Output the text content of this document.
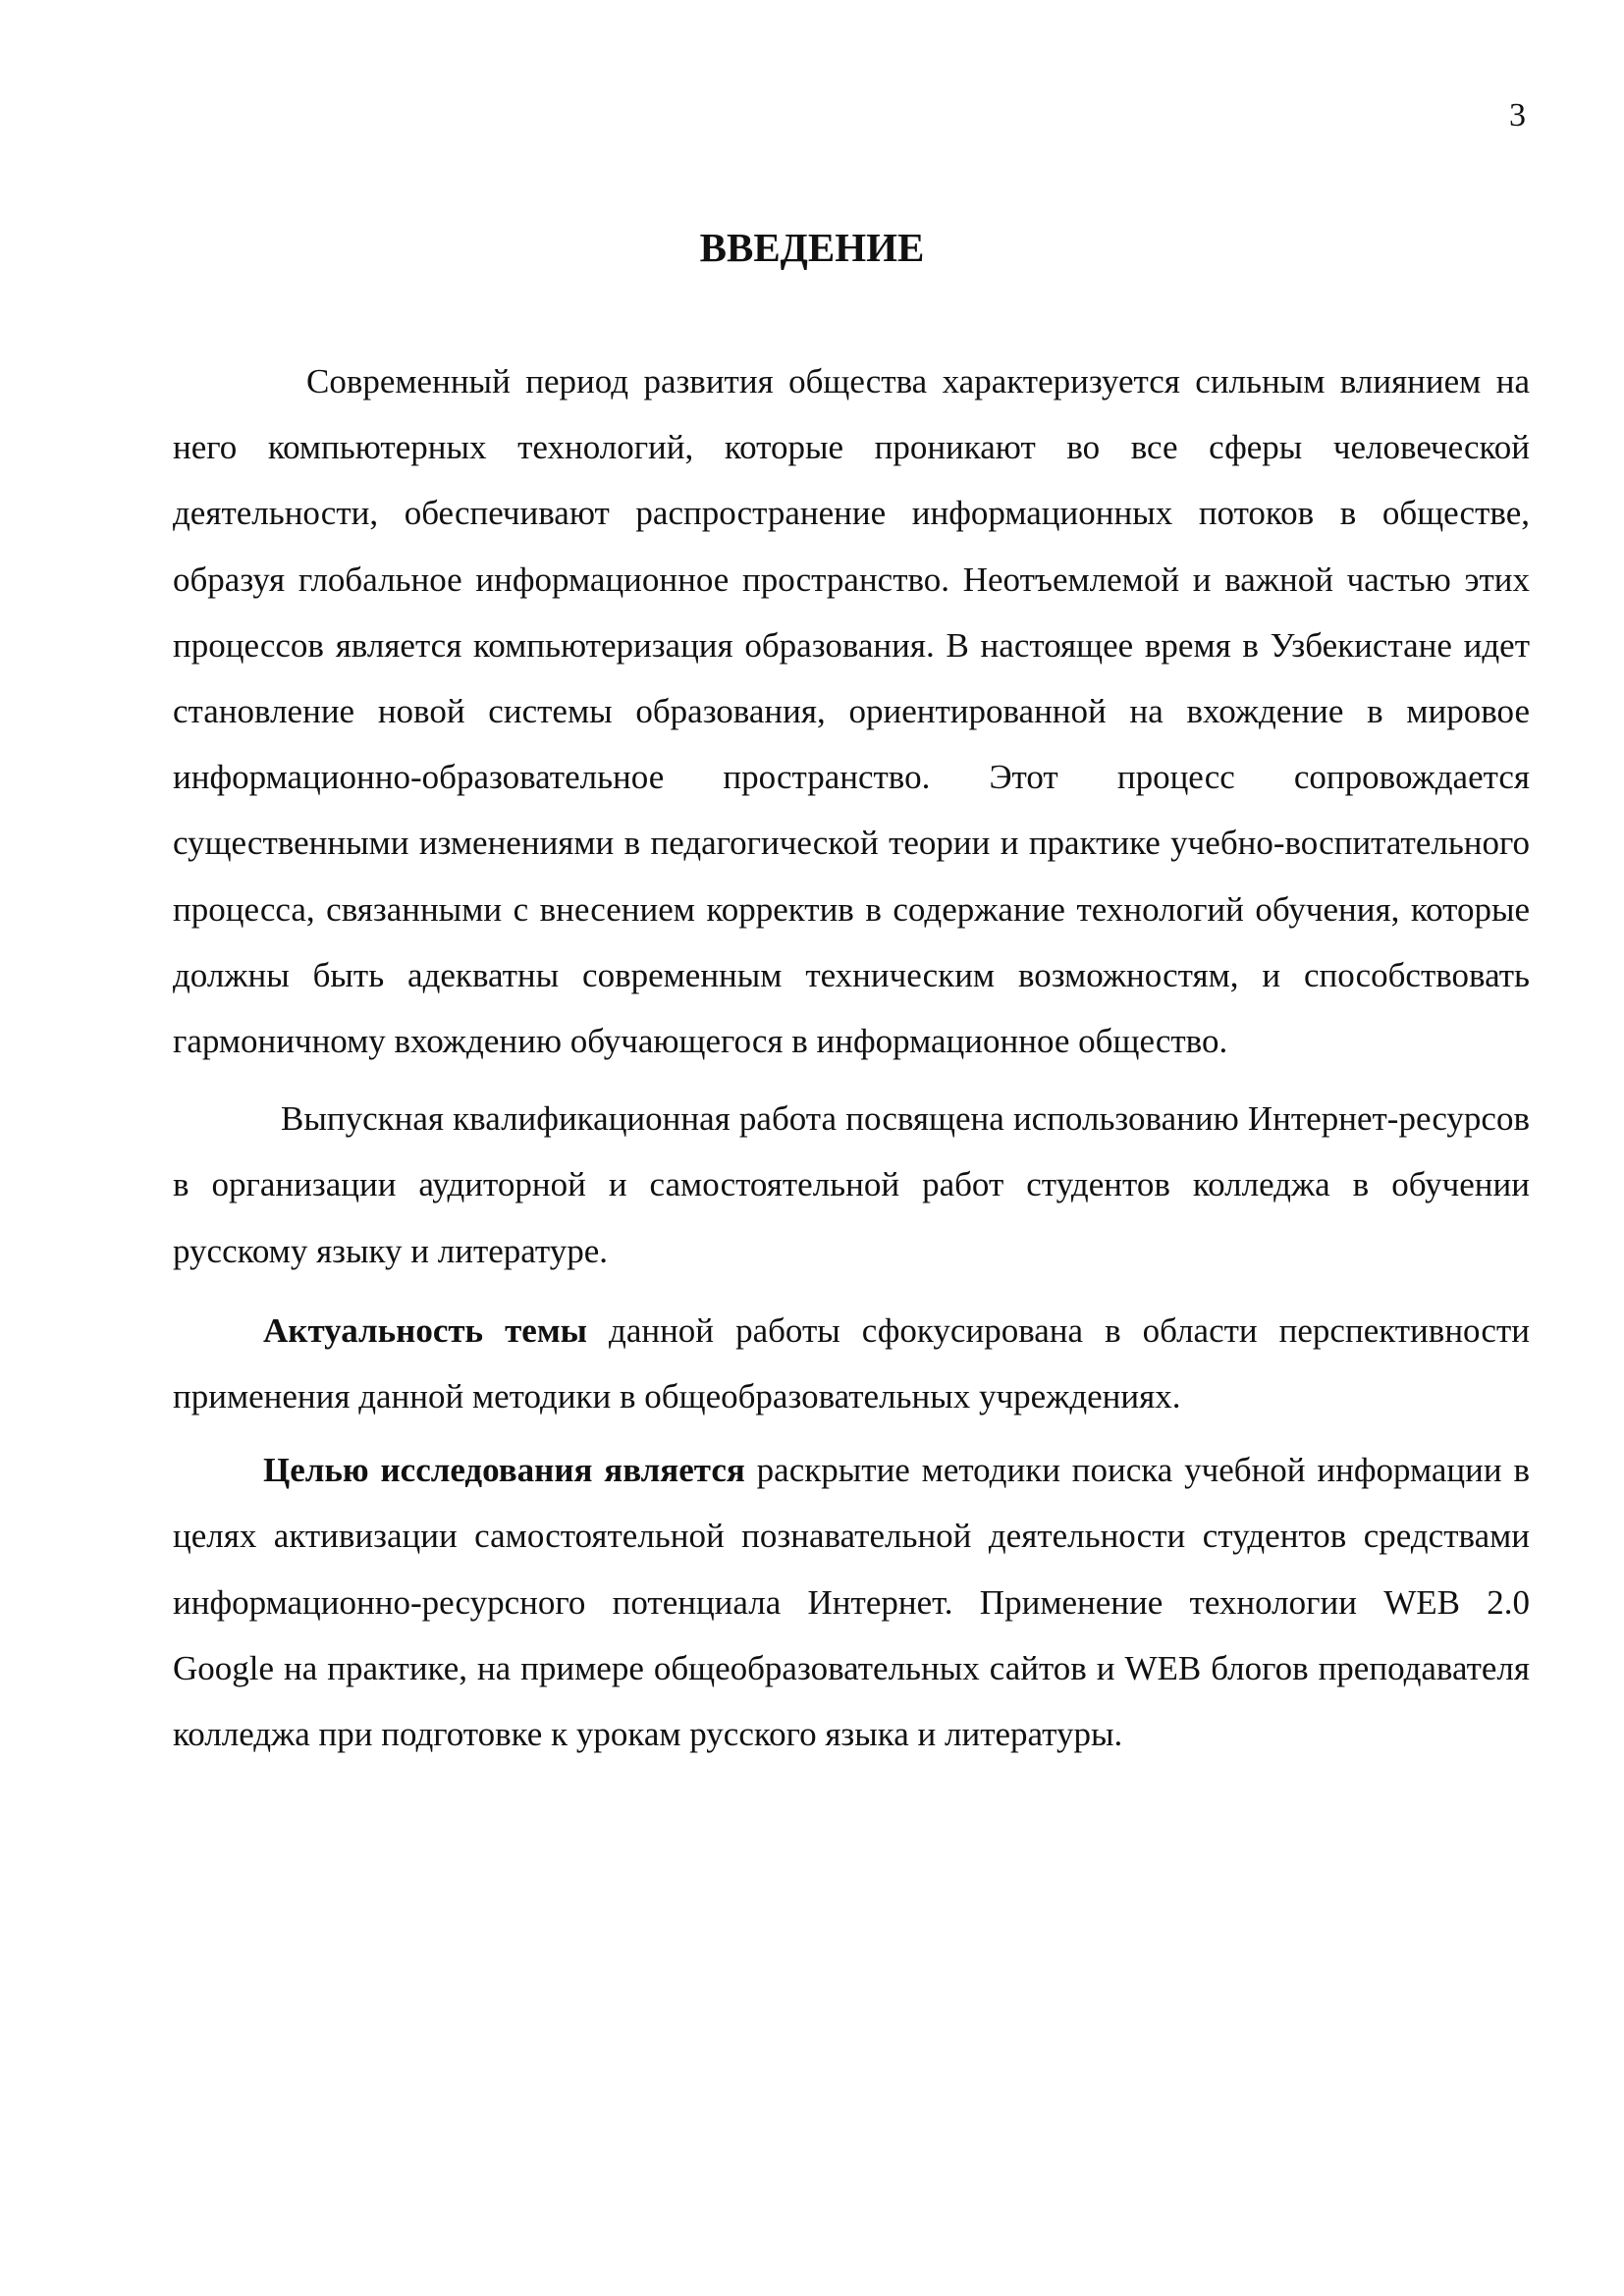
3
ВВЕДЕНИЕ

Современный период развития общества характеризуется сильным влиянием на него компьютерных технологий, которые проникают во все сферы человеческой деятельности, обеспечивают распространение информационных потоков в обществе, образуя глобальное информационное пространство. Неотъемлемой и важной частью этих процессов является компьютеризация образования. В настоящее время в Узбекистане идет становление новой системы образования, ориентированной на вхождение в мировое информационно-образовательное пространство. Этот процесс сопровождается существенными изменениями в педагогической теории и практике учебно-воспитательного процесса, связанными с внесением корректив в содержание технологий обучения, которые должны быть адекватны современным техническим возможностям, и способствовать гармоничному вхождению обучающегося в информационное общество.

Выпускная квалификационная работа посвящена использованию Интернет-ресурсов в организации аудиторной и самостоятельной работ студентов колледжа в обучении русскому языку и литературе.

Актуальность темы данной работы сфокусирована в области перспективности применения данной методики в общеобразовательных учреждениях.

Целью исследования является раскрытие методики поиска учебной информации в целях активизации самостоятельной познавательной деятельности студентов средствами информационно-ресурсного потенциала Интернет. Применение технологии WEB 2.0 Google на практике, на примере общеобразовательных сайтов и WEB блогов преподавателя колледжа при подготовке к урокам русского языка и литературы.
